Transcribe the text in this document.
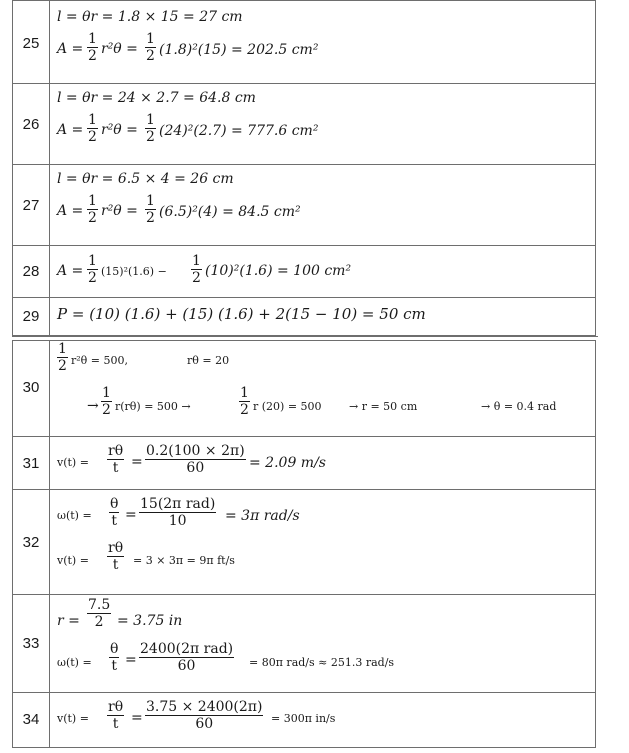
25
l = θr = 1.8 × 15 = 27 cm
$A = \frac{1}{2} r^2\theta = \frac{1}{2} (1.8)^2(15) = 202.5$ cm²
26
l = θr = 24 × 2.7 = 64.8 cm
$A = \frac{1}{2} r^2\theta = \frac{1}{2} (24)^2(2.7) = 777.6$ cm²
27
l = θr = 6.5 × 4 = 26 cm
$A = \frac{1}{2} r^2\theta = \frac{1}{2} (6.5)^2(4) = 84.5$ cm²
28	$A = \frac{1}{2} (15)^2(1.6) - \frac{1}{2} (10)^2(1.6) = 100$ cm²
29	P = (10) (1.6) + (15) (1.6) + 2(15 − 10) = 50 cm
30
$\frac{1}{2} r^2\theta = 500$,	rθ = 20
→ $\frac{1}{2} r(r\theta) = 500$ →	$\frac{1}{2}$ r (20) = 500 → r = 50 cm	→ θ = 0.4 rad
31	$v(t) = \frac{r\theta}{t} = \frac{0.2(100 \times 2\pi)}{60} = 2.09$ m/s
32
$\omega(t) = \frac{\theta}{t}$ =
15(2π rad)
10	= 3π rad/s
$v(t) = \frac{r\theta}{t} = 3 \times 3\pi = 9\pi$ ft/s
33
$r = \frac{7.5}{2} = 3.75$ in
$\omega(t) = \frac{\theta}{t}$ =
2400(2π rad)
60	= 80π rad/s ≈ 251.3 rad/s
34	$v(t) = \frac{r\theta}{t} = \frac{3.75 \times 2400(2\pi)}{60} = 300\pi$ in/s
